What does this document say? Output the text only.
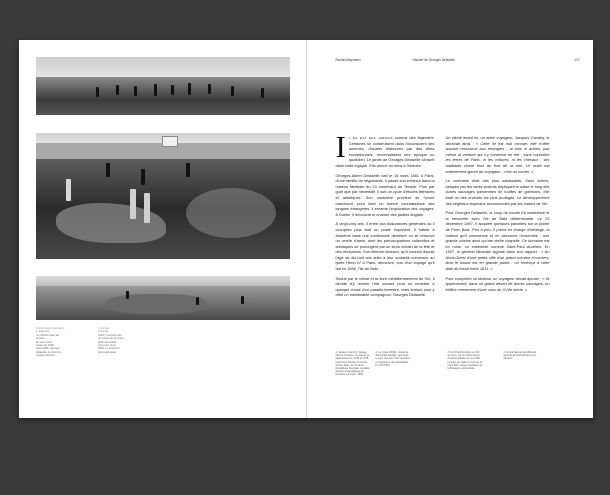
Double page précédente
1. Jean Lou
Le chantier dans les années
du sous-marin
Autour de 1900
Sans 1900, Georges
Delaselle, le chef d'un
équipe amenant
Ci-dessus
1 et 2 Ao
1900, L'ouvrant près
du creuse de la courte
jardin de la Batz
vers la fin de la
1900. Le ouvrier et
de la palmeraie
Richard Baymann	Histoire de Georges Delaselle	227

Il en est des jardins comme des légendes. Certaines se construisent dans l'inconscient des hommes, d'autres élaborées par des êtres exceptionnels, reconnaissent leur époque ou quotidien. Le jardin de Georges Delaselle s'inscrit dans cette logique. Elle donne un sens à l'histoire.

Georges-Albert Delaselle naît le 18 mars 1861 à Paris, d'une famille de négociants. Il passe son enfance dans la maison familiale du 23 boulevard du Temple. Plus par goût que par nécessité, il suit un cycle d'études littéraires et artistiques. Son caractère provient de l'oncle marchand, pour faire un bonne connaissance des langues étrangères, il entame l'exploration des voyages. À Dublin, il découvre le charme des jardins anglais.

À vingt-cinq ans, il entre aux Assurances générales où il occupera plus tard un poste important. Il habite à Asnières dans une confortable demeure où se retrouve un cercle d'amis, dont les préoccupations culturelles et artistiques se prolongent par un sens certain de la fête et des réceptions. Son étienne Mosson, qu'il connaît depuis l'âge de dix-huit ans suite à leur scolarité commune au lycée Henri IV à Paris, découvre, lors d'un voyage qu'il fait en 1896, l'île de Batz.

Séduit par le climat et la flore méditerranéenne de l'île, il décide d'y revenir l'été suivant pour se remettre à quelque chose d'un paradis terrestre, mais surtout pour y offrir un inestimable compagnon, Georges Delaselle.

Un siècle avant lui, un autre voyageur, Jacques Cambry, le décrivait ainsi : « Cette île est mal connue, elle n'offre aucune ressource aux étrangers ; ni bois ni arbres, pas même la verdure qui s'y conserve en été ; sans connaître les terres de Paris, ni les voitures, ni les chevaux ; ses habitants vivent tous du fruit de la mer. Le reste est entièrement ignoré du voyageur ; c'est un rocher. »

Le contraste était des plus saisissants. Sans arbres, balayée par les vents violents déplaçant le sable le long des dunes sauvages parsemées de touffes de goémons, elle était un des endroits les plus protégés. Le développement des végétaux tropicaux accommodés par les marins de l'île.

Pour Georges Delaselle, le coup de foudre fut instantané et la rencontre avec l'île de Batz déterminante. Le 22 décembre 1897, il acquiert quelques parcelles sur la pointe de Penn Batz. Peu à peu, il prend en charge d'héritage, la maison qu'il commence et en découvre l'ensemble : une grande cuisine ainsi qu'une vieille chapelle. Ce domaine est en ruine, un ensemble nommé Saint-Paul Aurélien. En 1907, le général Mirandel signale dans son rapport : « Au Nord-Ouest d'une petite ville d'un grand nombre d'ouvriers, dont le travail est en grande partie... on renforça à cette date du fossé entre 1811. »

Pour compléter ce tableau, un voyageur devait ajouter : « Ils apprivoisent, dans un grand désert de dunes sauvages, un édifice cornement d'une croix du XVIIe siècle. »

1. Jacques Cambry, Voyage dans le Finistère, ou état de ce département en 1794 et 1795, imprimerie-librairie du Cercle Social, Paris, An VII de la République française, rééditée Société archéologique du Finistère, Quimper, 1999.
2. Le comte Wilfrid, cousin de Saint-Paul Aurélien, gouverné le pays de Léon. Puis repartira en Angleterre de Cadwallader IV (513-538).
3. Fol (Paul) Aurélien, ou Pol de Léon, est un prêtre breton d'origine galloise né vers 490 en Pays de Galles et mort le 12 mars 594, évêque fondateur de la Bretagne continentale.
4. Amiral Samuel de Mirandel, général de la Révolution et le l'Empire.
